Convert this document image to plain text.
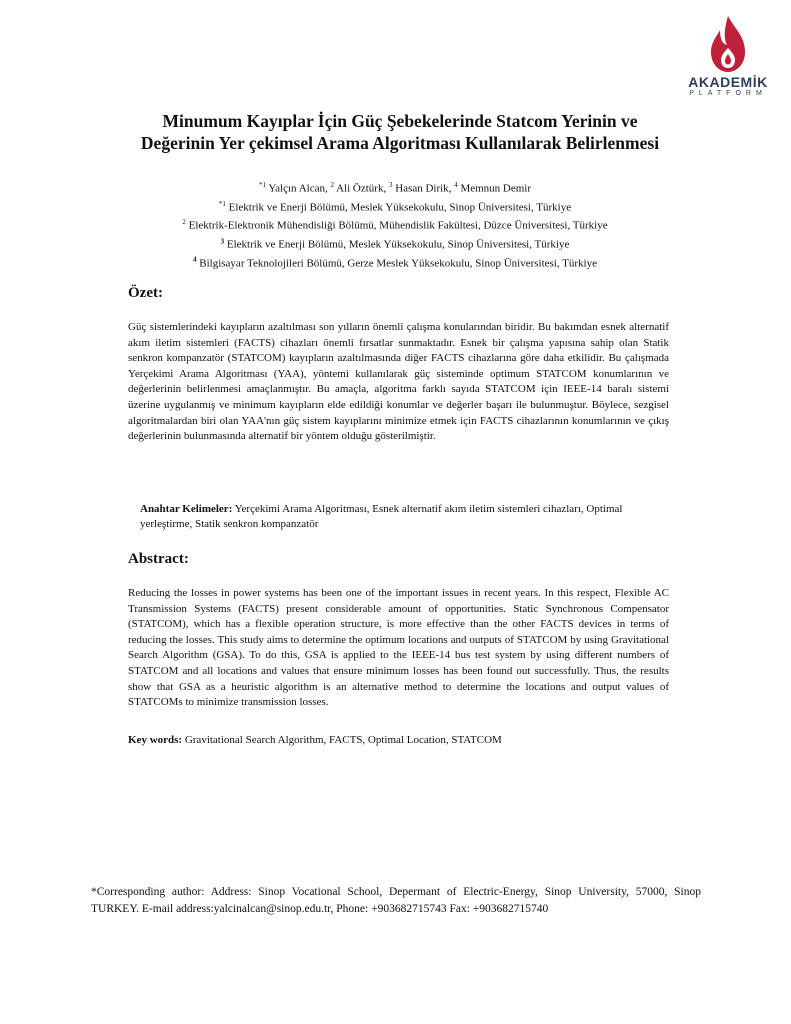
AKADEMİK
PLATFORM
Minumum Kayıplar İçin Güç Şebekelerinde Statcom Yerinin ve
Değerinin Yer çekimsel Arama Algoritması Kullanılarak Belirlenmesi
$^{*1}$ Yalçın Alcan, $^2$ Ali Öztürk, $^3$ Hasan Dirik, $^4$ Memnun Demir
$^{*1}$ Elektrik ve Enerji Bölümü, Meslek Yüksekokulu, Sinop Üniversitesi, Türkiye
$^2$ Elektrik-Elektronik Mühendisliği Bölümü, Mühendislik Fakültesi, Düzce Üniversitesi, Türkiye
$^3$ Elektrik ve Enerji Bölümü, Meslek Yüksekokulu, Sinop Üniversitesi, Türkiye
$^4$ Bilgisayar Teknolojileri Bölümü, Gerze Meslek Yüksekokulu, Sinop Üniversitesi, Türkiye
Özet:
Güç sistemlerindeki kayıpların azaltılması son yılların önemli çalışma konularından biridir. Bu bakımdan esnek alternatif akım iletim sistemleri (FACTS) cihazları önemli fırsatlar sunmaktadır. Esnek bir çalışma yapısına sahip olan Statik senkron kompanzatör (STATCOM) kayıpların azaltılmasında diğer FACTS cihazlarına göre daha etkilidir. Bu çalışmada Yerçekimi Arama Algoritması (YAA), yöntemi kullanılarak güç sisteminde optimum STATCOM konumlarının ve değerlerinin belirlenmesi amaçlanmıştır. Bu amaçla, algoritma farklı sayıda STATCOM için IEEE-14 baralı sistemi üzerine uygulanmış ve minimum kayıpların elde edildiği konumlar ve değerler başarı ile bulunmuştur. Böylece, sezgisel algoritmalardan biri olan YAA'nın güç sistem kayıplarını minimize etmek için FACTS cihazlarının konumlarının ve çıkış değerlerinin bulunmasında alternatif bir yöntem olduğu gösterilmiştir.
Anahtar Kelimeler: Yerçekimi Arama Algoritması, Esnek alternatif akım iletim sistemleri cihazları, Optimal yerleştirme, Statik senkron kompanzatör
Abstract:
Reducing the losses in power systems has been one of the important issues in recent years. In this respect, Flexible AC Transmission Systems (FACTS) present considerable amount of opportunities. Static Synchronous Compensator (STATCOM), which has a flexible operation structure, is more effective than the other FACTS devices in terms of reducing the losses. This study aims to determine the optimum locations and outputs of STATCOM by using Gravitational Search Algorithm (GSA). To do this, GSA is applied to the IEEE-14 bus test system by using different numbers of STATCOM and all locations and values that ensure minimum losses has been found out successfully. Thus, the results show that GSA as a heuristic algorithm is an alternative method to determine the locations and output values of STATCOMs to minimize transmission losses.
Key words: Gravitational Search Algorithm, FACTS, Optimal Location, STATCOM
*Corresponding author: Address: Sinop Vocational School, Depermant of Electric-Energy, Sinop University, 57000, Sinop TURKEY. E-mail address:yalcinalcan@sinop.edu.tr, Phone: +903682715743 Fax: +903682715740
